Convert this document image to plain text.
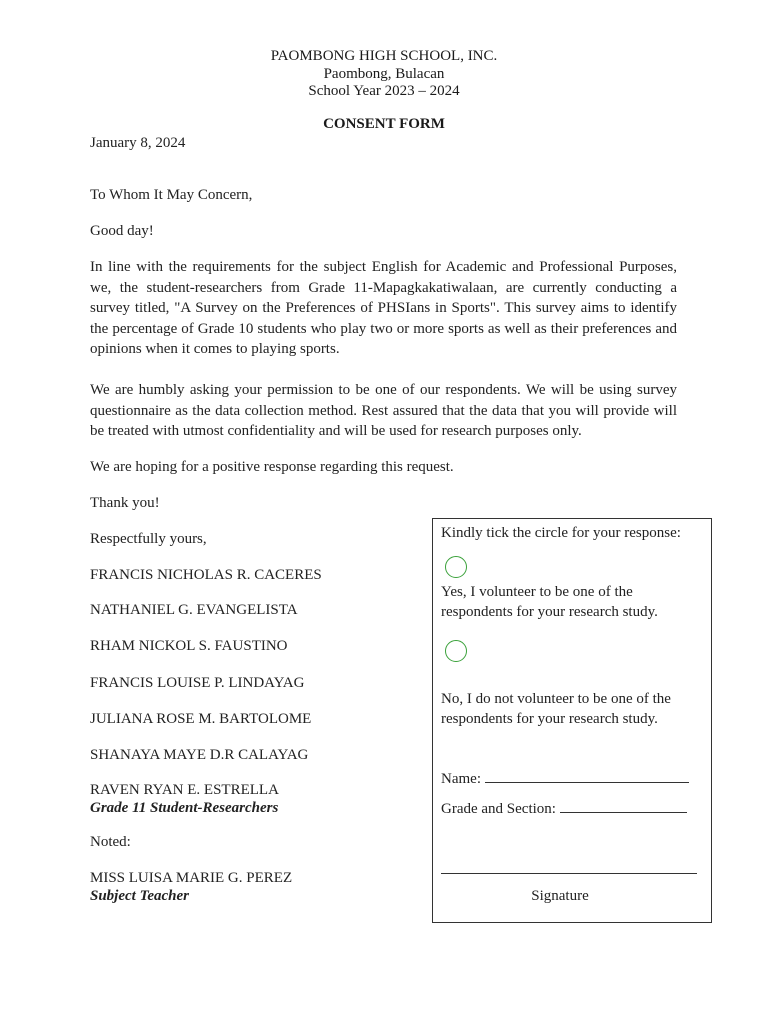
PAOMBONG HIGH SCHOOL, INC.
Paombong, Bulacan
School Year 2023 – 2024
CONSENT FORM
January 8, 2024
To Whom It May Concern,
Good day!
In line with the requirements for the subject English for Academic and Professional Purposes, we, the student-researchers from Grade 11-Mapagkakatiwalaan, are currently conducting a survey titled, "A Survey on the Preferences of PHSIans in Sports". This survey aims to identify the percentage of Grade 10 students who play two or more sports as well as their preferences and opinions when it comes to playing sports.
We are humbly asking your permission to be one of our respondents. We will be using survey questionnaire as the data collection method. Rest assured that the data that you will provide will be treated with utmost confidentiality and will be used for research purposes only.
We are hoping for a positive response regarding this request.
Thank you!
Respectfully yours,
FRANCIS NICHOLAS R. CACERES
NATHANIEL G. EVANGELISTA
RHAM NICKOL S. FAUSTINO
FRANCIS LOUISE P. LINDAYAG
JULIANA ROSE M. BARTOLOME
SHANAYA MAYE D.R CALAYAG
RAVEN RYAN E. ESTRELLA
Grade 11 Student-Researchers
Noted:
MISS LUISA MARIE G. PEREZ
Subject Teacher
Kindly tick the circle for your response:
Yes, I volunteer to be one of the respondents for your research study.
No, I do not volunteer to be one of the respondents for your research study.
Name:
Grade and Section:
Signature
